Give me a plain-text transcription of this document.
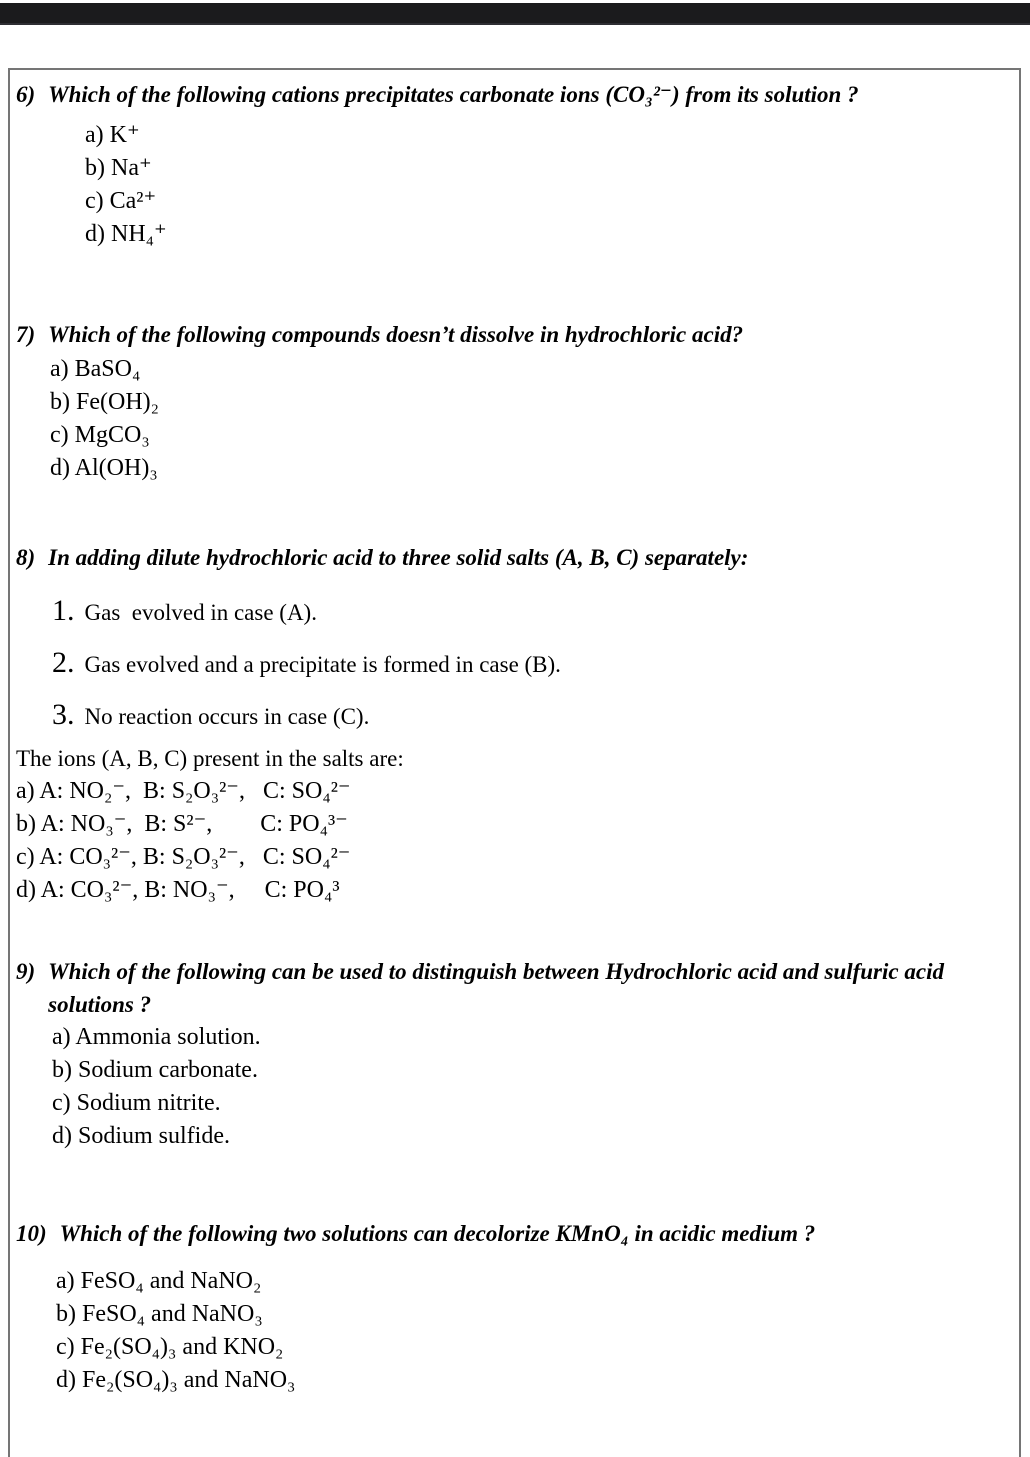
6) Which of the following cations precipitates carbonate ions (CO₃²⁻) from its solution ?
a) K⁺
b) Na⁺
c) Ca²⁺
d) NH₄⁺
7) Which of the following compounds doesn’t dissolve in hydrochloric acid?
a) BaSO₄
b) Fe(OH)₂
c) MgCO₃
d) Al(OH)₃
8) In adding dilute hydrochloric acid to three solid salts (A, B, C) separately:
1. Gas  evolved in case (A).
2. Gas evolved and a precipitate is formed in case (B).
3. No reaction occurs in case (C).
The ions (A, B, C) present in the salts are:
a) A: NO₂⁻,  B: S₂O₃²⁻,   C: SO₄²⁻
b) A: NO₃⁻,  B: S²⁻,        C: PO₄³⁻
c) A: CO₃²⁻, B: S₂O₃²⁻,   C: SO₄²⁻
d) A: CO₃²⁻, B: NO₃⁻,     C: PO₄³
9) Which of the following can be used to distinguish between Hydrochloric acid and sulfuric acid solutions ?
a) Ammonia solution.
b) Sodium carbonate.
c) Sodium nitrite.
d) Sodium sulfide.
10) Which of the following two solutions can decolorize KMnO₄ in acidic medium ?
a) FeSO₄ and NaNO₂
b) FeSO₄ and NaNO₃
c) Fe₂(SO₄)₃ and KNO₂
d) Fe₂(SO₄)₃ and NaNO₃
